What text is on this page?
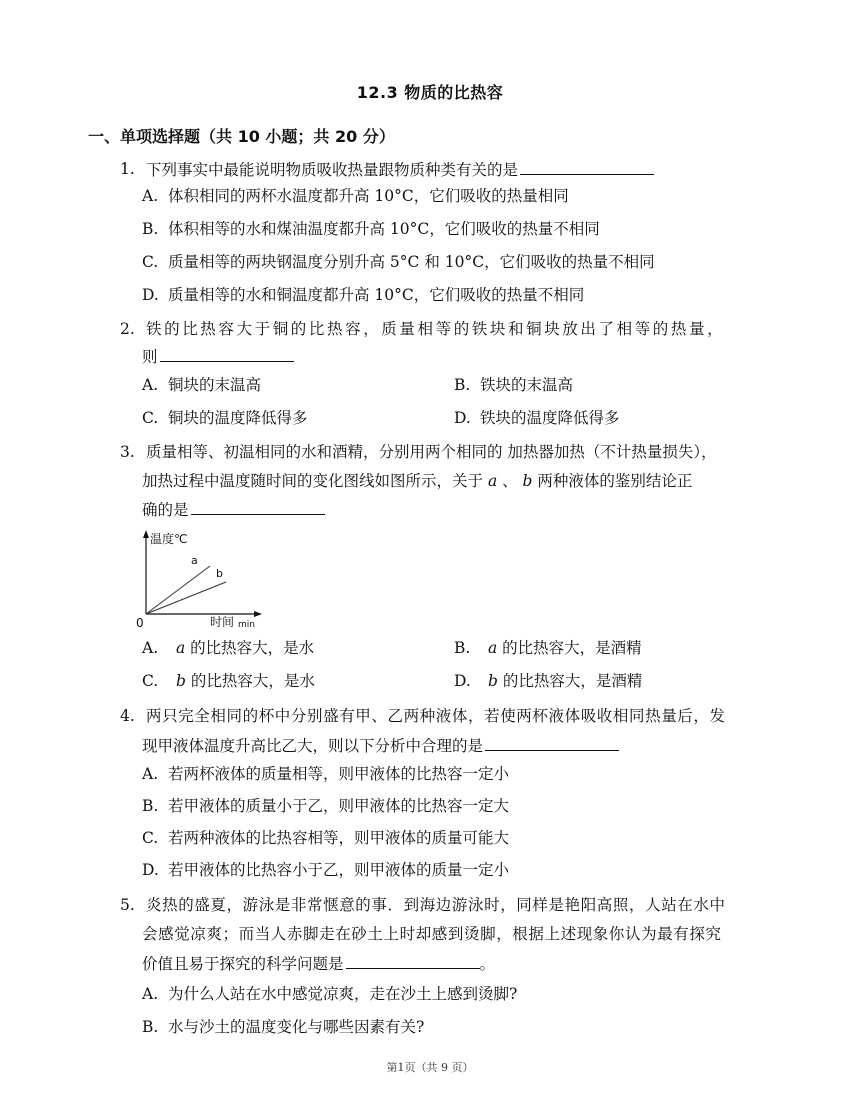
12.3 物质的比热容
一、单项选择题（共 10 小题；共 20 分）
1. 下列事实中最能说明物质吸收热量跟物质种类有关的是
A. 体积相同的两杯水温度都升高 10°C，它们吸收的热量相同
B. 体积相等的水和煤油温度都升高 10°C，它们吸收的热量不相同
C. 质量相等的两块钢温度分别升高 5°C 和 10°C，它们吸收的热量不相同
D. 质量相等的水和铜温度都升高 10°C，它们吸收的热量不相同
2. 铁的比热容大于铜的比热容，质量相等的铁块和铜块放出了相等的热量，
则
A. 铜块的末温高	B. 铁块的末温高
C. 铜块的温度降低得多	D. 铁块的温度降低得多
3. 质量相等、初温相同的水和酒精，分别用两个相同的 加热器加热（不计热量损失），
加热过程中温度随时间的变化图线如图所示，关于 a 、 b 两种液体的鉴别结论正
确的是
温度℃
a
b
0	时间 min
A. a 的比热容大，是水	B. a 的比热容大，是酒精
C. b 的比热容大，是水	D. b 的比热容大，是酒精
4. 两只完全相同的杯中分别盛有甲、乙两种液体，若使两杯液体吸收相同热量后，发
现甲液体温度升高比乙大，则以下分析中合理的是
A. 若两杯液体的质量相等，则甲液体的比热容一定小
B. 若甲液体的质量小于乙，则甲液体的比热容一定大
C. 若两种液体的比热容相等，则甲液体的质量可能大
D. 若甲液体的比热容小于乙，则甲液体的质量一定小
5. 炎热的盛夏，游泳是非常惬意的事．到海边游泳时，同样是艳阳高照，人站在水中
会感觉凉爽；而当人赤脚走在砂土上时却感到烫脚，根据上述现象你认为最有探究
价值且易于探究的科学问题是	。
A. 为什么人站在水中感觉凉爽，走在沙土上感到烫脚?
B. 水与沙土的温度变化与哪些因素有关?
第1页（共 9 页）
